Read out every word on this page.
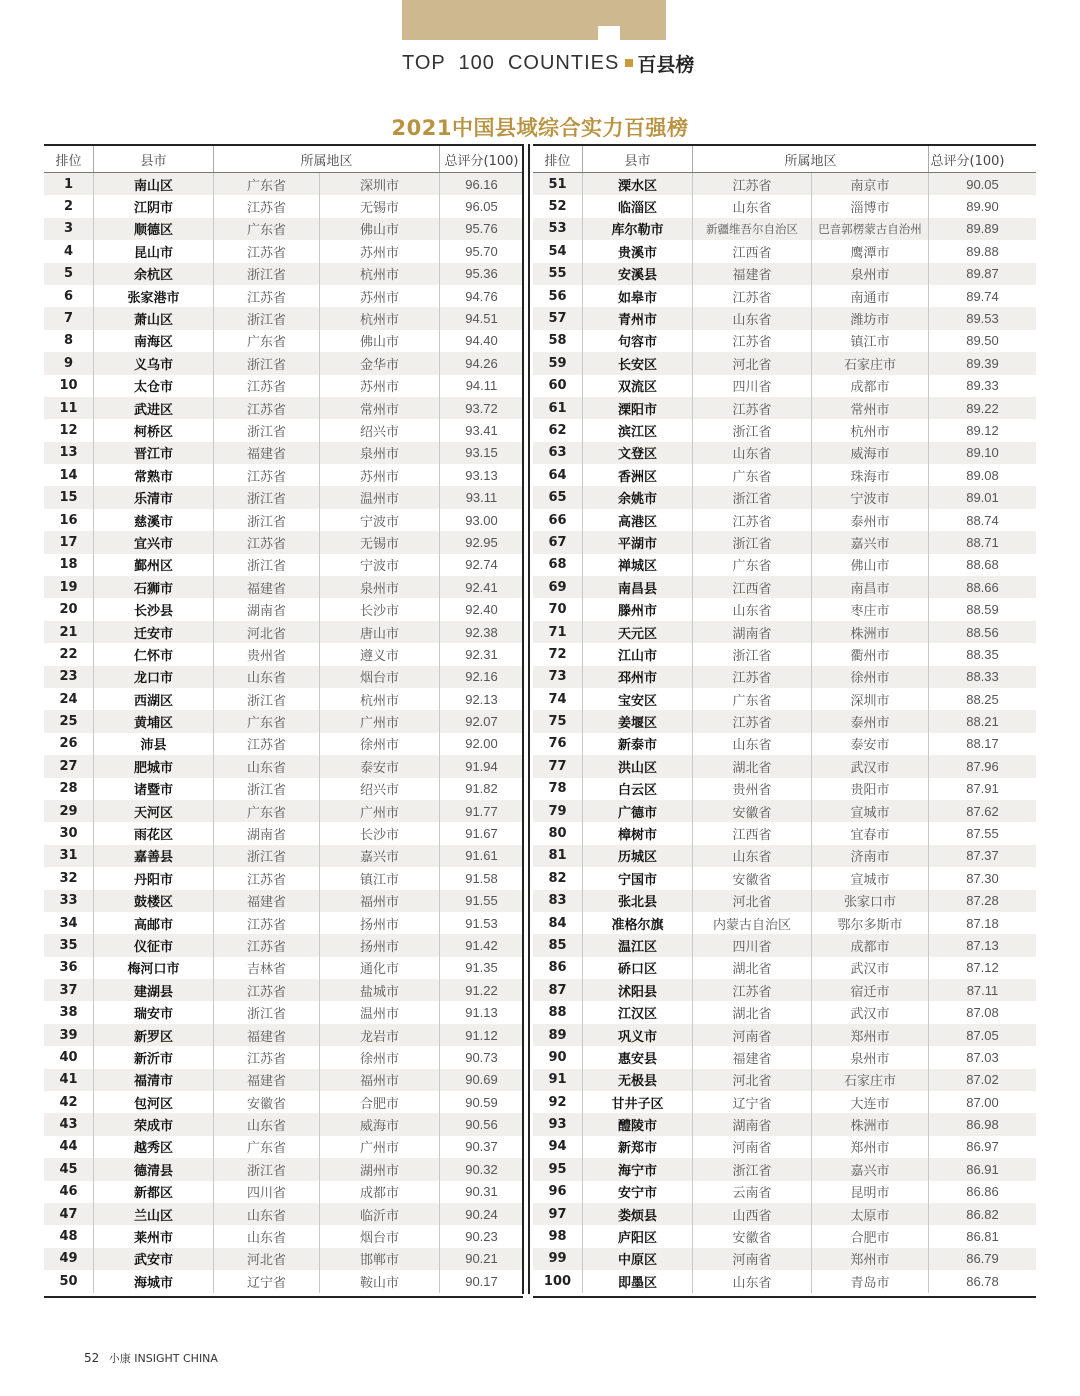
TOP  100  COUNTIES 百县榜
2021中国县域综合实力百强榜
排位	县市	所属地区	总评分(100)
1	南山区	广东省	深圳市	96.16
2	江阴市	江苏省	无锡市	96.05
3	顺德区	广东省	佛山市	95.76
4	昆山市	江苏省	苏州市	95.70
5	余杭区	浙江省	杭州市	95.36
6	张家港市	江苏省	苏州市	94.76
7	萧山区	浙江省	杭州市	94.51
8	南海区	广东省	佛山市	94.40
9	义乌市	浙江省	金华市	94.26
10	太仓市	江苏省	苏州市	94.11
11	武进区	江苏省	常州市	93.72
12	柯桥区	浙江省	绍兴市	93.41
13	晋江市	福建省	泉州市	93.15
14	常熟市	江苏省	苏州市	93.13
15	乐清市	浙江省	温州市	93.11
16	慈溪市	浙江省	宁波市	93.00
17	宜兴市	江苏省	无锡市	92.95
18	鄞州区	浙江省	宁波市	92.74
19	石狮市	福建省	泉州市	92.41
20	长沙县	湖南省	长沙市	92.40
21	迁安市	河北省	唐山市	92.38
22	仁怀市	贵州省	遵义市	92.31
23	龙口市	山东省	烟台市	92.16
24	西湖区	浙江省	杭州市	92.13
25	黄埔区	广东省	广州市	92.07
26	沛县	江苏省	徐州市	92.00
27	肥城市	山东省	泰安市	91.94
28	诸暨市	浙江省	绍兴市	91.82
29	天河区	广东省	广州市	91.77
30	雨花区	湖南省	长沙市	91.67
31	嘉善县	浙江省	嘉兴市	91.61
32	丹阳市	江苏省	镇江市	91.58
33	鼓楼区	福建省	福州市	91.55
34	高邮市	江苏省	扬州市	91.53
35	仪征市	江苏省	扬州市	91.42
36	梅河口市	吉林省	通化市	91.35
37	建湖县	江苏省	盐城市	91.22
38	瑞安市	浙江省	温州市	91.13
39	新罗区	福建省	龙岩市	91.12
40	新沂市	江苏省	徐州市	90.73
41	福清市	福建省	福州市	90.69
42	包河区	安徽省	合肥市	90.59
43	荣成市	山东省	威海市	90.56
44	越秀区	广东省	广州市	90.37
45	德清县	浙江省	湖州市	90.32
46	新都区	四川省	成都市	90.31
47	兰山区	山东省	临沂市	90.24
48	莱州市	山东省	烟台市	90.23
49	武安市	河北省	邯郸市	90.21
50	海城市	辽宁省	鞍山市	90.17
排位	县市	所属地区	总评分(100)
51	溧水区	江苏省	南京市	90.05
52	临淄区	山东省	淄博市	89.90
53	库尔勒市	新疆维吾尔自治区	巴音郭楞蒙古自治州	89.89
54	贵溪市	江西省	鹰潭市	89.88
55	安溪县	福建省	泉州市	89.87
56	如皋市	江苏省	南通市	89.74
57	青州市	山东省	潍坊市	89.53
58	句容市	江苏省	镇江市	89.50
59	长安区	河北省	石家庄市	89.39
60	双流区	四川省	成都市	89.33
61	溧阳市	江苏省	常州市	89.22
62	滨江区	浙江省	杭州市	89.12
63	文登区	山东省	威海市	89.10
64	香洲区	广东省	珠海市	89.08
65	余姚市	浙江省	宁波市	89.01
66	高港区	江苏省	泰州市	88.74
67	平湖市	浙江省	嘉兴市	88.71
68	禅城区	广东省	佛山市	88.68
69	南昌县	江西省	南昌市	88.66
70	滕州市	山东省	枣庄市	88.59
71	天元区	湖南省	株洲市	88.56
72	江山市	浙江省	衢州市	88.35
73	邳州市	江苏省	徐州市	88.33
74	宝安区	广东省	深圳市	88.25
75	姜堰区	江苏省	泰州市	88.21
76	新泰市	山东省	泰安市	88.17
77	洪山区	湖北省	武汉市	87.96
78	白云区	贵州省	贵阳市	87.91
79	广德市	安徽省	宣城市	87.62
80	樟树市	江西省	宜春市	87.55
81	历城区	山东省	济南市	87.37
82	宁国市	安徽省	宣城市	87.30
83	张北县	河北省	张家口市	87.28
84	准格尔旗	内蒙古自治区	鄂尔多斯市	87.18
85	温江区	四川省	成都市	87.13
86	硚口区	湖北省	武汉市	87.12
87	沭阳县	江苏省	宿迁市	87.11
88	江汉区	湖北省	武汉市	87.08
89	巩义市	河南省	郑州市	87.05
90	惠安县	福建省	泉州市	87.03
91	无极县	河北省	石家庄市	87.02
92	甘井子区	辽宁省	大连市	87.00
93	醴陵市	湖南省	株洲市	86.98
94	新郑市	河南省	郑州市	86.97
95	海宁市	浙江省	嘉兴市	86.91
96	安宁市	云南省	昆明市	86.86
97	娄烦县	山西省	太原市	86.82
98	庐阳区	安徽省	合肥市	86.81
99	中原区	河南省	郑州市	86.79
100	即墨区	山东省	青岛市	86.78
52 小康 INSIGHT CHINA
